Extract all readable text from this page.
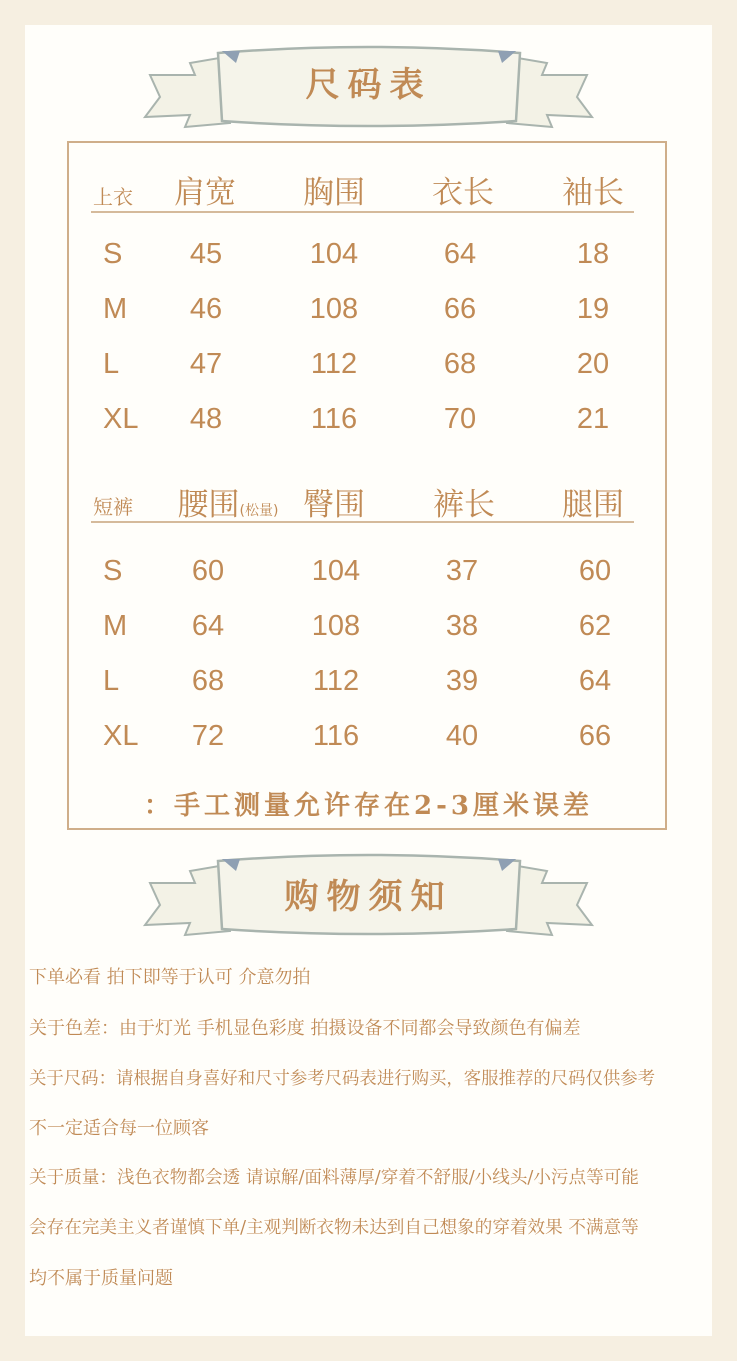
尺码表
上衣 肩宽 胸围 衣长 袖长
S 45	104	64	18
M 46	108	66	19
L 47	112	68	20
XL 48	116	70	21
短裤 腰围(松量) 臀围 裤长 腿围
S 60	104	37	60
M 64	108	38	62
L	68	112	39	64
XL 72	116	40	66
：手工测量允许存在2-3厘米误差
购物须知
下单必看 拍下即等于认可 介意勿拍
关于色差：由于灯光 手机显色彩度 拍摄设备不同都会导致颜色有偏差
关于尺码：请根据自身喜好和尺寸参考尺码表进行购买，客服推荐的尺码仅供参考
不一定适合每一位顾客
关于质量：浅色衣物都会透 请谅解/面料薄厚/穿着不舒服/小线头/小污点等可能
会存在完美主义者谨慎下单/主观判断衣物未达到自己想象的穿着效果 不满意等
均不属于质量问题
